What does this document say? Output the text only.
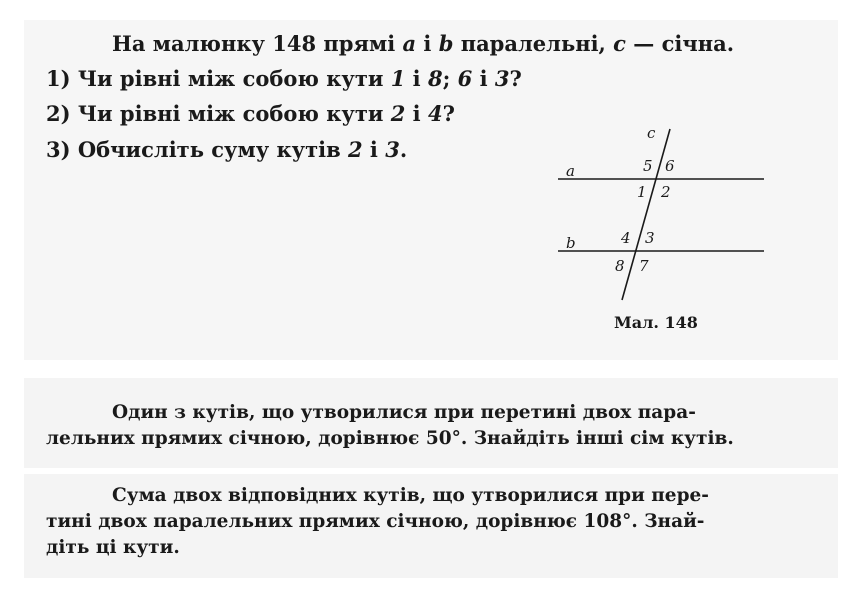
На малюнку 148 прямі a і b паралельні, c — січна.
1) Чи рівні між собою кути 1 і 8; 6 і 3?
2) Чи рівні між собою кути 2 і 4?
3) Обчисліть суму кутів 2 і 3.
c
a
b
5 6
1 2
4 3
8 7
Мал. 148
Один з кутів, що утворилися при перетині двох пара-
лельних прямих січною, дорівнює 50°. Знайдіть інші сім кутів.
Сума двох відповідних кутів, що утворилися при пере-
тині двох паралельних прямих січною, дорівнює 108°. Знай-
діть ці кути.
